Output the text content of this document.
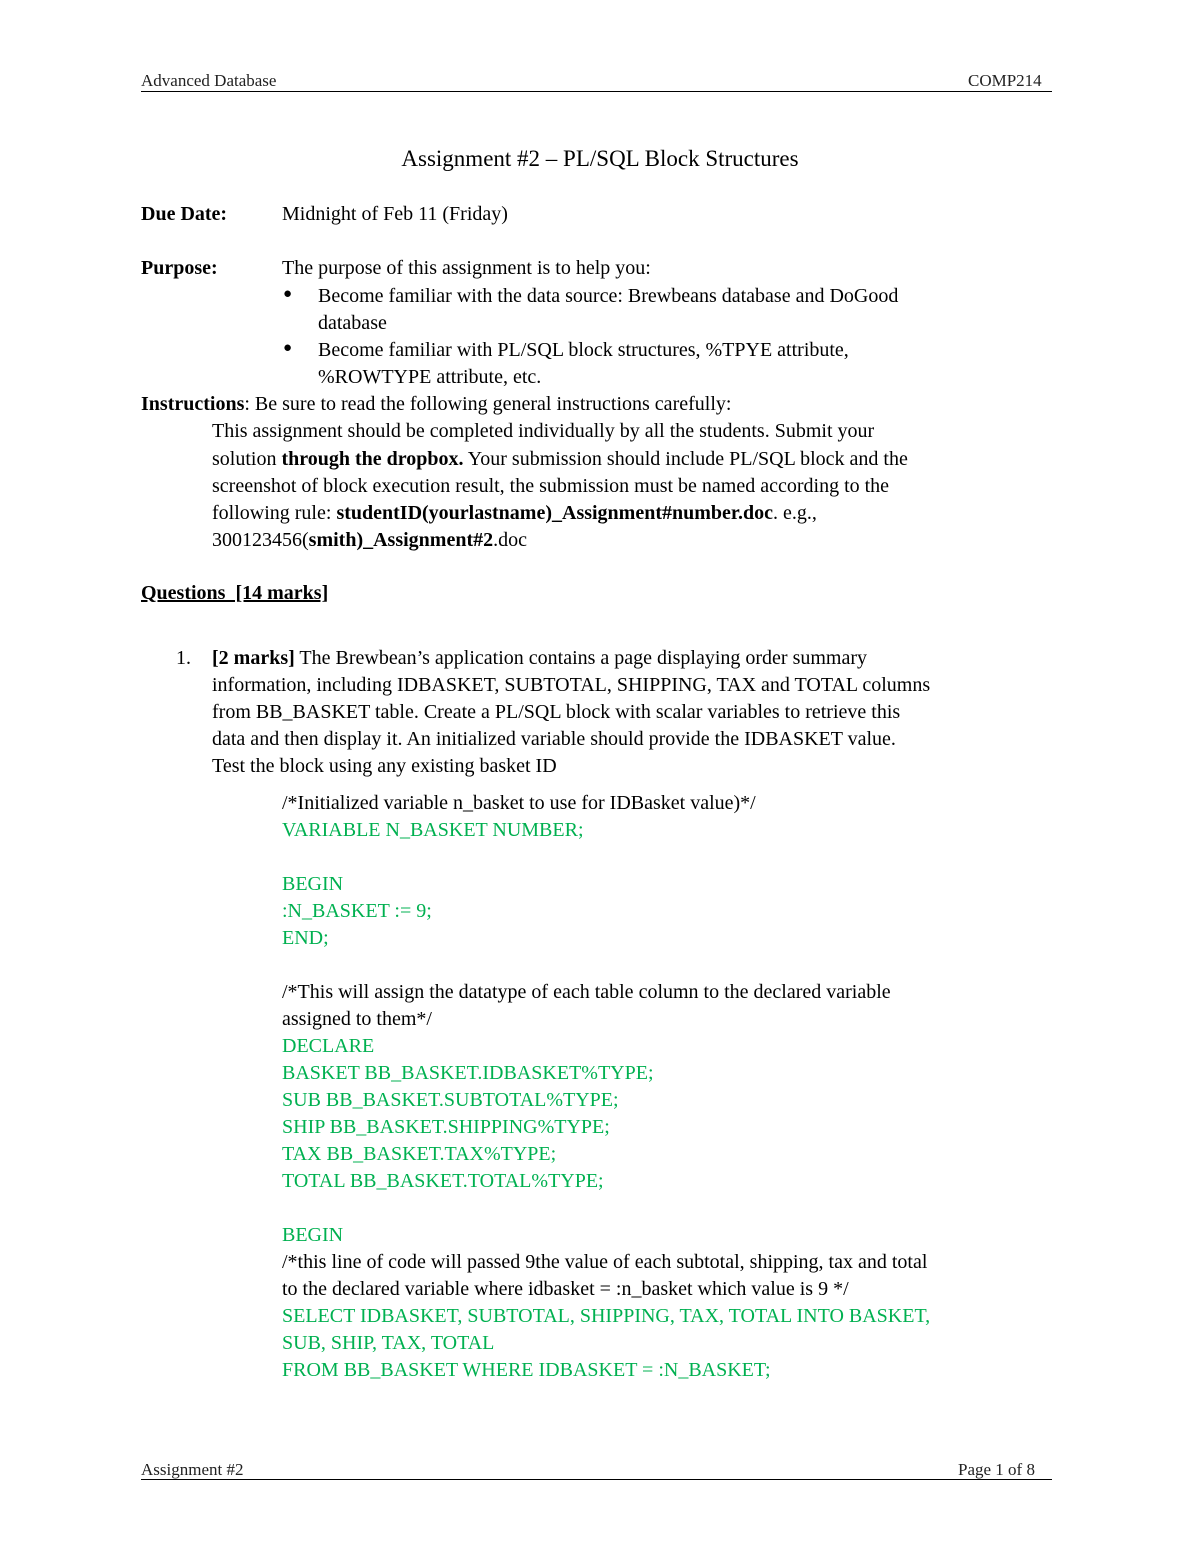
Advanced Database	COMP214
Assignment #2 – PL/SQL Block Structures
Due Date:	Midnight of Feb 11 (Friday)
Purpose:	The purpose of this assignment is to help you:
● Become familiar with the data source: Brewbeans database and DoGood
database
● Become familiar with PL/SQL block structures, %TPYE attribute,
%ROWTYPE attribute, etc.
Instructions: Be sure to read the following general instructions carefully:
This assignment should be completed individually by all the students. Submit your
solution through the dropbox. Your submission should include PL/SQL block and the
screenshot of block execution result, the submission must be named according to the
following rule: studentID(yourlastname)_Assignment#number.doc. e.g.,
300123456(smith)_Assignment#2.doc
Questions  [14 marks]
1. [2 marks] The Brewbean’s application contains a page displaying order summary
information, including IDBASKET, SUBTOTAL, SHIPPING, TAX and TOTAL columns
from BB_BASKET table. Create a PL/SQL block with scalar variables to retrieve this
data and then display it. An initialized variable should provide the IDBASKET value.
Test the block using any existing basket ID
/*Initialized variable n_basket to use for IDBasket value)*/
VARIABLE N_BASKET NUMBER;
BEGIN
:N_BASKET := 9;
END;
/*This will assign the datatype of each table column to the declared variable
assigned to them*/
DECLARE
BASKET BB_BASKET.IDBASKET%TYPE;
SUB BB_BASKET.SUBTOTAL%TYPE;
SHIP BB_BASKET.SHIPPING%TYPE;
TAX BB_BASKET.TAX%TYPE;
TOTAL BB_BASKET.TOTAL%TYPE;
BEGIN
/*this line of code will passed 9the value of each subtotal, shipping, tax and total
to the declared variable where idbasket = :n_basket which value is 9 */
SELECT IDBASKET, SUBTOTAL, SHIPPING, TAX, TOTAL INTO BASKET,
SUB, SHIP, TAX, TOTAL
FROM BB_BASKET WHERE IDBASKET = :N_BASKET;
Assignment #2	Page 1 of 8
